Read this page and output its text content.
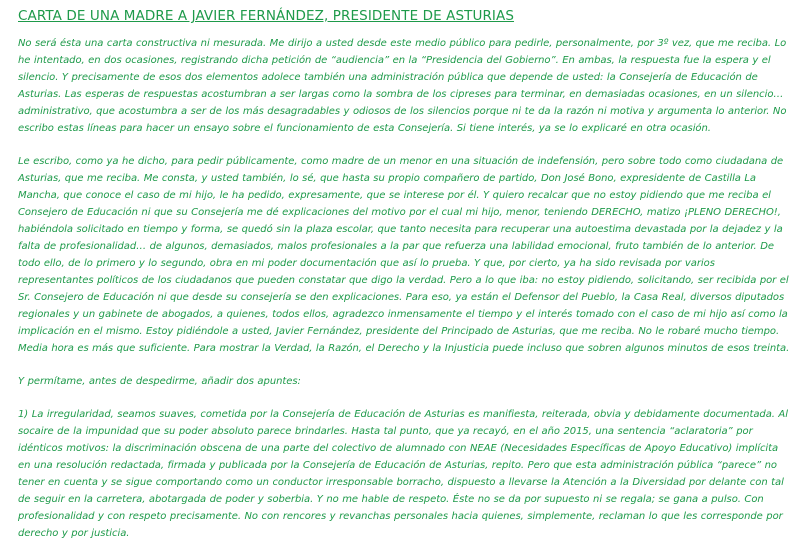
CARTA DE UNA MADRE A JAVIER FERNÁNDEZ, PRESIDENTE DE ASTURIAS

No será ésta una carta constructiva ni mesurada. Me dirijo a usted desde este medio público para pedirle, personalmente, por 3º vez, que me reciba. Lo he intentado, en dos ocasiones, registrando dicha petición de “audiencia” en la “Presidencia del Gobierno”. En ambas, la respuesta fue la espera y el silencio. Y precisamente de esos dos elementos adolece también una administración pública que depende de usted: la Consejería de Educación de Asturias. Las esperas de respuestas acostumbran a ser largas como la sombra de los cipreses para terminar, en demasiadas ocasiones, en un silencio… administrativo, que acostumbra a ser de los más desagradables y odiosos de los silencios porque ni te da la razón ni motiva y argumenta lo anterior. No escribo estas líneas para hacer un ensayo sobre el funcionamiento de esta Consejería. Si tiene interés, ya se lo explicaré en otra ocasión.

Le escribo, como ya he dicho, para pedir públicamente, como madre de un menor en una situación de indefensión, pero sobre todo como ciudadana de Asturias, que me reciba. Me consta, y usted también, lo sé, que hasta su propio compañero de partido, Don José Bono, expresidente de Castilla La Mancha, que conoce el caso de mi hijo, le ha pedido, expresamente, que se interese por él. Y quiero recalcar que no estoy pidiendo que me reciba el Consejero de Educación ni que su Consejería me dé explicaciones del motivo por el cual mi hijo, menor, teniendo DERECHO, matizo ¡PLENO DERECHO!, habiéndola solicitado en tiempo y forma, se quedó sin la plaza escolar, que tanto necesita para recuperar una autoestima devastada por la dejadez y la falta de profesionalidad… de algunos, demasiados, malos profesionales a la par que refuerza una labilidad emocional, fruto también de lo anterior. De todo ello, de lo primero y lo segundo, obra en mi poder documentación que así lo prueba. Y que, por cierto, ya ha sido revisada por varios representantes políticos de los ciudadanos que pueden constatar que digo la verdad. Pero a lo que iba: no estoy pidiendo, solicitando, ser recibida por el Sr. Consejero de Educación ni que desde su consejería se den explicaciones. Para eso, ya están el Defensor del Pueblo, la Casa Real, diversos diputados regionales y un gabinete de abogados, a quienes, todos ellos, agradezco inmensamente el tiempo y el interés tomado con el caso de mi hijo así como la implicación en el mismo. Estoy pidiéndole a usted, Javier Fernández, presidente del Principado de Asturias, que me reciba. No le robaré mucho tiempo. Media hora es más que suficiente. Para mostrar la Verdad, la Razón, el Derecho y la Injusticia puede incluso que sobren algunos minutos de esos treinta.

Y permítame, antes de despedirme, añadir dos apuntes:

1) La irregularidad, seamos suaves, cometida por la Consejería de Educación de Asturias es manifiesta, reiterada, obvia y debidamente documentada. Al socaire de la impunidad que su poder absoluto parece brindarles. Hasta tal punto, que ya recayó, en el año 2015, una sentencia “aclaratoria” por idénticos motivos: la discriminación obscena de una parte del colectivo de alumnado con NEAE (Necesidades Específicas de Apoyo Educativo) implícita en una resolución redactada, firmada y publicada por la Consejería de Educación de Asturias, repito. Pero que esta administración pública “parece” no tener en cuenta y se sigue comportando como un conductor irresponsable borracho, dispuesto a llevarse la Atención a la Diversidad por delante con tal de seguir en la carretera, abotargada de poder y soberbia. Y no me hable de respeto. Éste no se da por supuesto ni se regala; se gana a pulso. Con profesionalidad y con respeto precisamente. No con rencores y revanchas personales hacia quienes, simplemente, reclaman lo que les corresponde por derecho y por justicia.
